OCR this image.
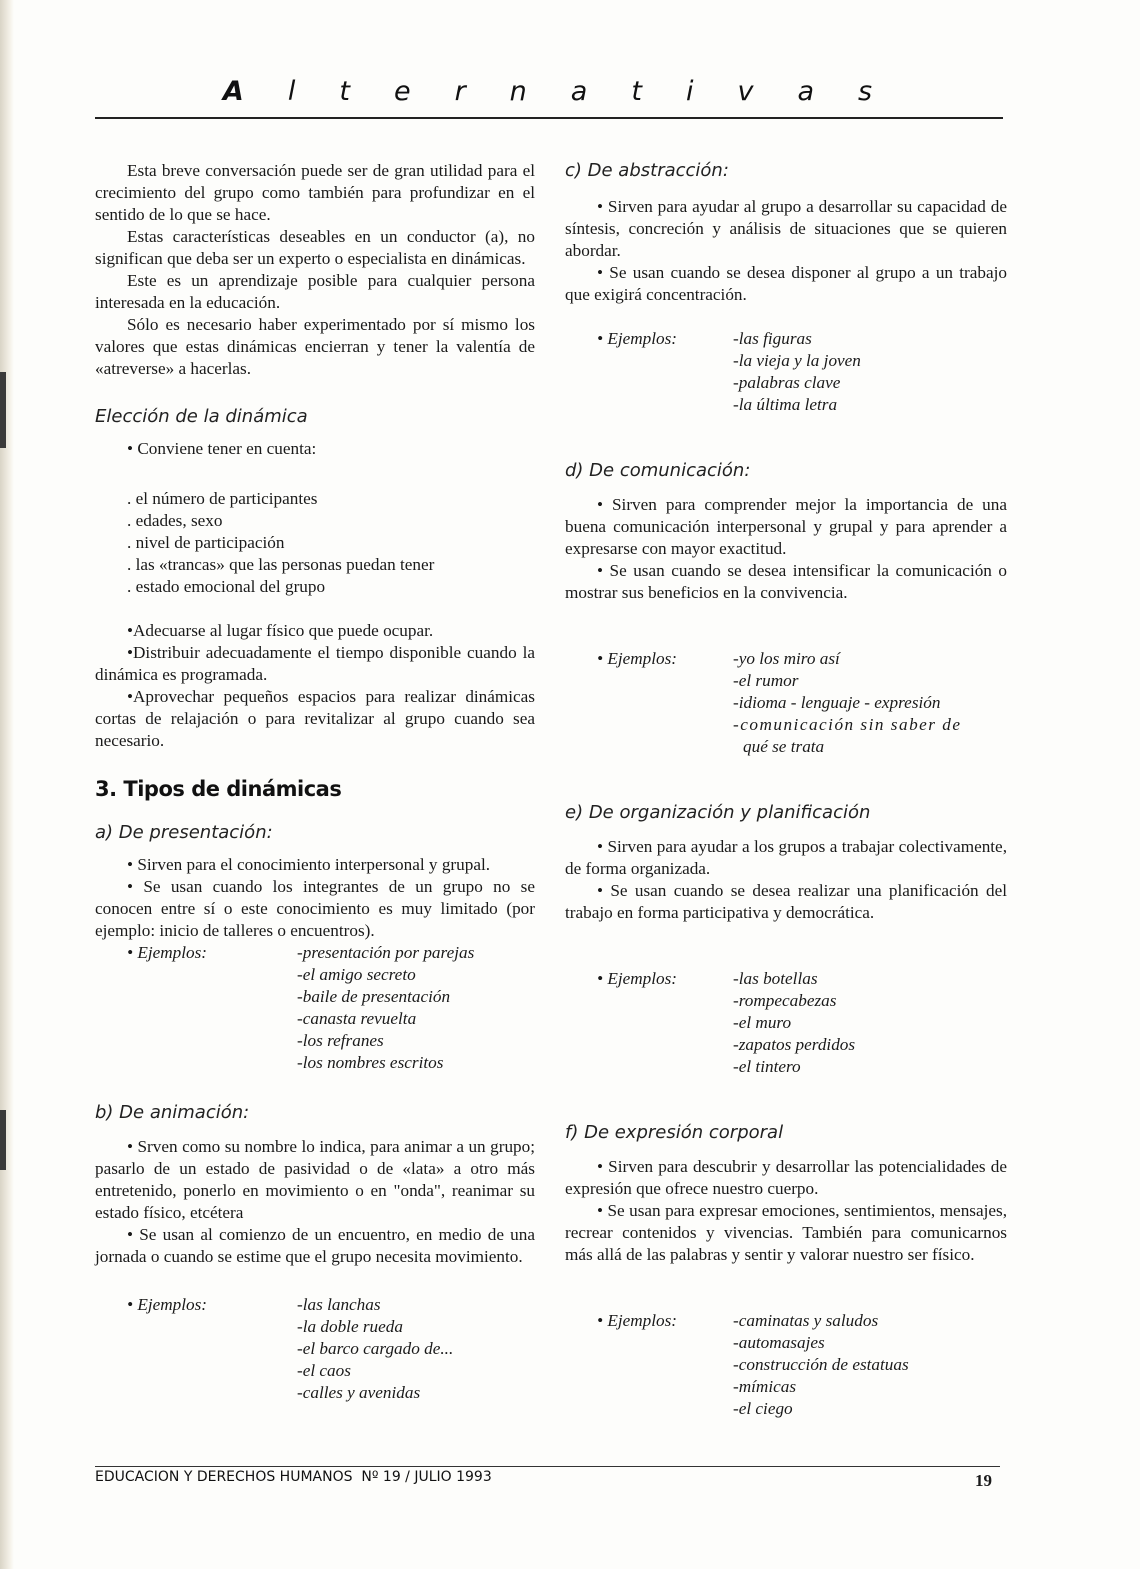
A l t e r n a t i v a s

Esta breve conversación puede ser de gran utilidad para el crecimiento del grupo como también para profundizar en el sentido de lo que se hace.

Estas características deseables en un conductor (a), no significan que deba ser un experto o especialista en dinámicas.

Este es un aprendizaje posible para cualquier persona interesada en la educación.

Sólo es necesario haber experimentado por sí mismo los valores que estas dinámicas encierran y tener la valentía de «atreverse» a hacerlas.

Elección de la dinámica

• Conviene tener en cuenta:

. el número de participantes

. edades, sexo

. nivel de participación

. las «trancas» que las personas puedan tener

. estado emocional del grupo

•Adecuarse al lugar físico que puede ocupar.

•Distribuir adecuadamente el tiempo disponible cuando la dinámica es programada.

•Aprovechar pequeños espacios para realizar dinámicas cortas de relajación o para revitalizar al grupo cuando sea necesario.

3. Tipos de dinámicas
a) De presentación:

• Sirven para el conocimiento interpersonal y grupal.

• Se usan cuando los integrantes de un grupo no se conocen entre sí o este conocimiento es muy limitado (por ejemplo: inicio de talleres o encuentros).

• Ejemplos:	-presentación por parejas
-el amigo secreto
-baile de presentación
-canasta revuelta
-los refranes
-los nombres escritos
b) De animación:

• Srven como su nombre lo indica, para animar a un grupo; pasarlo de un estado de pasividad o de «lata» a otro más entretenido, ponerlo en movimiento o en "onda", reanimar su estado físico, etcétera

• Se usan al comienzo de un encuentro, en medio de una jornada o cuando se estime que el grupo necesita movimiento.

• Ejemplos:	-las lanchas
-la doble rueda
-el barco cargado de...
-el caos
-calles y avenidas
c) De abstracción:

• Sirven para ayudar al grupo a desarrollar su capacidad de síntesis, concreción y análisis de situaciones que se quieren abordar.

• Se usan cuando se desea disponer al grupo a un trabajo que exigirá concentración.

• Ejemplos:	-las figuras
-la vieja y la joven
-palabras clave
-la última letra
d) De comunicación:

• Sirven para comprender mejor la importancia de una buena comunicación interpersonal y grupal y para aprender a expresarse con mayor exactitud.

• Se usan cuando se desea intensificar la comunicación o mostrar sus beneficios en la convivencia.

• Ejemplos:	-yo los miro así
-el rumor
-idioma - lenguaje - expresión
-comunicación sin saber de
qué se trata
e) De organización y planificación

• Sirven para ayudar a los grupos a trabajar colectivamente, de forma organizada.

• Se usan cuando se desea realizar una planificación del trabajo en forma participativa y democrática.

• Ejemplos:	-las botellas
-rompecabezas
-el muro
-zapatos perdidos
-el tintero
f) De expresión corporal

• Sirven para descubrir y desarrollar las potencialidades de expresión que ofrece nuestro cuerpo.

• Se usan para expresar emociones, sentimientos, mensajes, recrear contenidos y vivencias. También para comunicarnos más allá de las palabras y sentir y valorar nuestro ser físico.

• Ejemplos:	-caminatas y saludos
-automasajes
-construcción de estatuas
-mímicas
-el ciego
EDUCACION Y DERECHOS HUMANOS  Nº 19 / JULIO 1993	19
